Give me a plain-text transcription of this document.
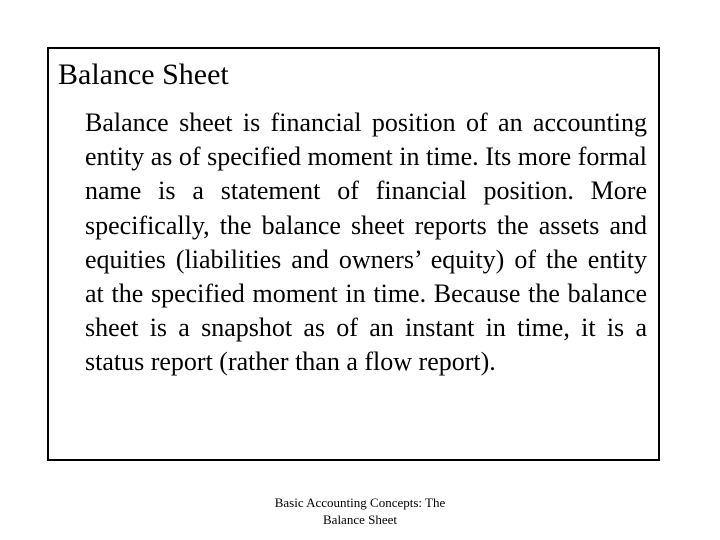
Balance Sheet
Balance sheet is financial position of an accounting entity as of specified moment in time. Its more formal name is a statement of financial position. More specifically, the balance sheet reports the assets and equities (liabilities and owners’ equity) of the entity at the specified moment in time. Because the balance sheet is a snapshot as of an instant in time, it is a status report (rather than a flow report).
Basic Accounting Concepts: The
Balance Sheet
